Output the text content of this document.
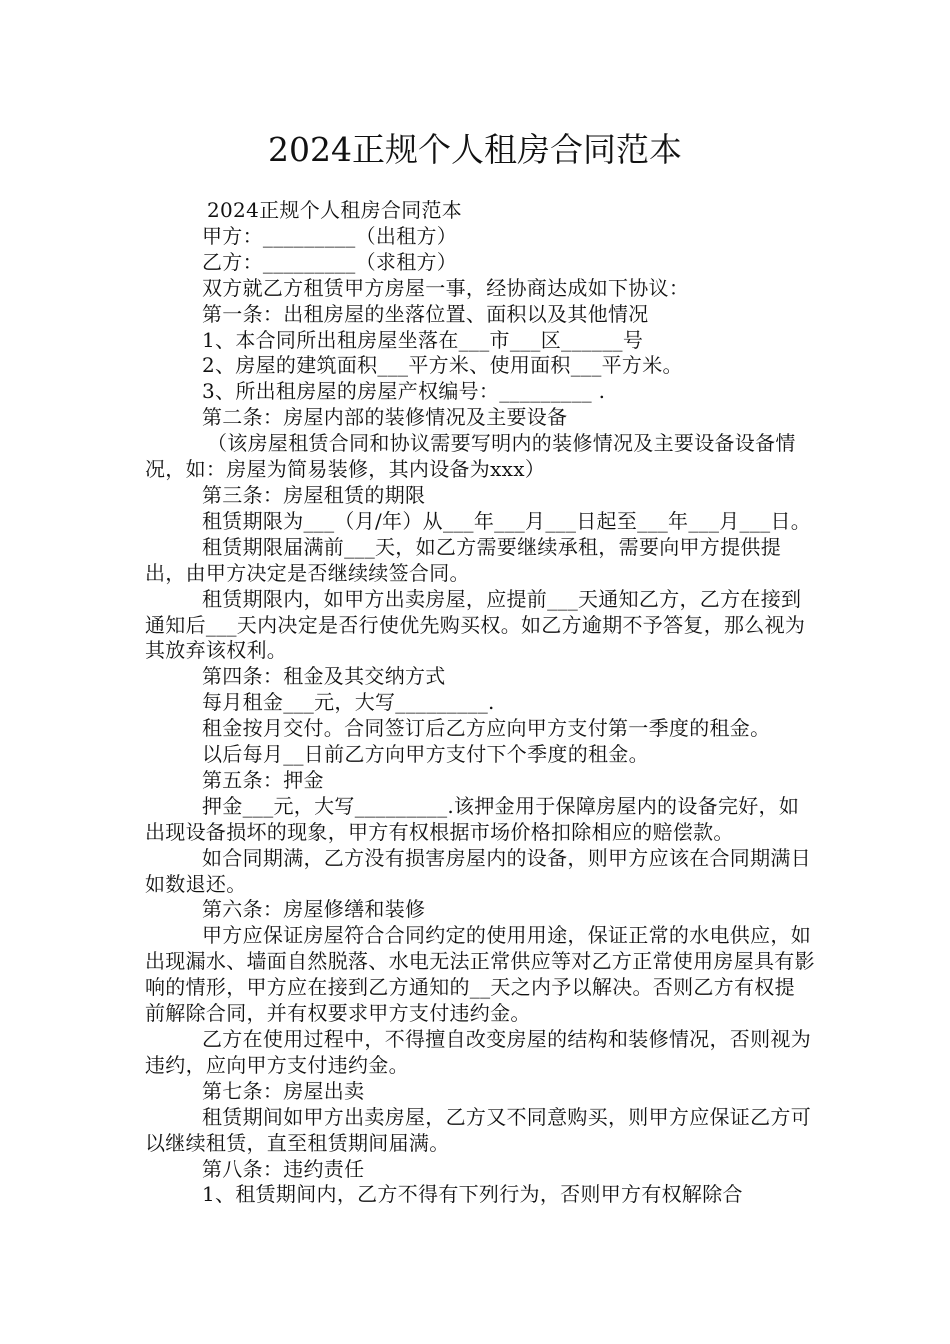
2024正规个人租房合同范本

2024正规个人租房合同范本

甲方：_________（出租方）

乙方：_________（求租方）

双方就乙方租赁甲方房屋一事，经协商达成如下协议：

第一条：出租房屋的坐落位置、面积以及其他情况

1、本合同所出租房屋坐落在___市___区______号

2、房屋的建筑面积___平方米、使用面积___平方米。

3、所出租房屋的房屋产权编号：_________ .

第二条：房屋内部的装修情况及主要设备

（该房屋租赁合同和协议需要写明内的装修情况及主要设备设备情况，如：房屋为简易装修，其内设备为xxx）

第三条：房屋租赁的期限

租赁期限为___（月/年）从___年___月___日起至___年___月___日。

租赁期限届满前___天，如乙方需要继续承租，需要向甲方提供提出，由甲方决定是否继续续签合同。

租赁期限内，如甲方出卖房屋，应提前___天通知乙方，乙方在接到通知后___天内决定是否行使优先购买权。如乙方逾期不予答复，那么视为其放弃该权利。

第四条：租金及其交纳方式

每月租金___元，大写_________.

租金按月交付。合同签订后乙方应向甲方支付第一季度的租金。

以后每月__日前乙方向甲方支付下个季度的租金。

第五条：押金

押金___元，大写_________.该押金用于保障房屋内的设备完好，如出现设备损坏的现象，甲方有权根据市场价格扣除相应的赔偿款。

如合同期满，乙方没有损害房屋内的设备，则甲方应该在合同期满日如数退还。

第六条：房屋修缮和装修

甲方应保证房屋符合合同约定的使用用途，保证正常的水电供应，如出现漏水、墙面自然脱落、水电无法正常供应等对乙方正常使用房屋具有影响的情形，甲方应在接到乙方通知的__天之内予以解决。否则乙方有权提前解除合同，并有权要求甲方支付违约金。

乙方在使用过程中，不得擅自改变房屋的结构和装修情况，否则视为违约，应向甲方支付违约金。

第七条：房屋出卖

租赁期间如甲方出卖房屋，乙方又不同意购买，则甲方应保证乙方可以继续租赁，直至租赁期间届满。

第八条：违约责任

1、租赁期间内，乙方不得有下列行为，否则甲方有权解除合
